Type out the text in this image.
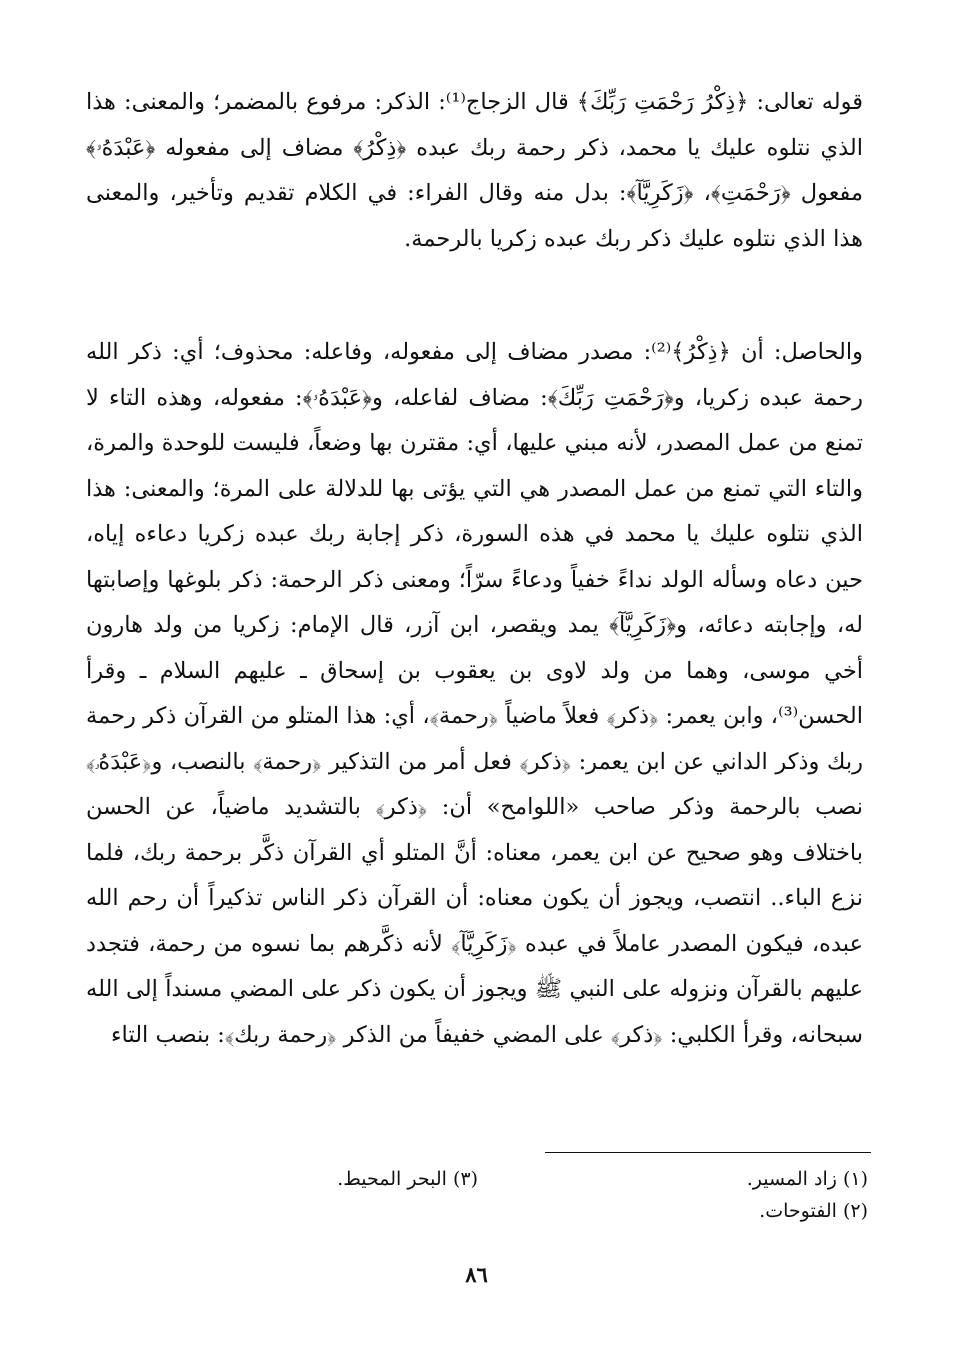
قوله تعالى: ﴿ذِكْرُ رَحْمَتِ رَبِّكَ﴾ قال الزجاج⁽¹⁾: الذكر: مرفوع بالمضمر؛ والمعنى: هذا الذي نتلوه عليك يا محمد، ذكر رحمة ربك عبده ﴿ذِكْرُ﴾ مضاف إلى مفعوله ﴿عَبْدَهُۥ﴾ مفعول ﴿رَحْمَتِ﴾، ﴿زَكَرِيَّآ﴾: بدل منه وقال الفراء: في الكلام تقديم وتأخير، والمعنى هذا الذي نتلوه عليك ذكر ربك عبده زكريا بالرحمة.

والحاصل: أن ﴿ذِكْرُ﴾⁽²⁾: مصدر مضاف إلى مفعوله، وفاعله: محذوف؛ أي: ذكر الله رحمة عبده زكريا، و﴿رَحْمَتِ رَبِّكَ﴾: مضاف لفاعله، و﴿عَبْدَهُۥ﴾: مفعوله، وهذه التاء لا تمنع من عمل المصدر، لأنه مبني عليها، أي: مقترن بها وضعاً، فليست للوحدة والمرة، والتاء التي تمنع من عمل المصدر هي التي يؤتى بها للدلالة على المرة؛ والمعنى: هذا الذي نتلوه عليك يا محمد في هذه السورة، ذكر إجابة ربك عبده زكريا دعاءه إياه، حين دعاه وسأله الولد نداءً خفياً ودعاءً سرّاً؛ ومعنى ذكر الرحمة: ذكر بلوغها وإصابتها له، وإجابته دعائه، و﴿زَكَرِيَّآ﴾ يمد ويقصر، ابن آزر، قال الإمام: زكريا من ولد هارون أخي موسى، وهما من ولد لاوى بن يعقوب بن إسحاق ـ عليهم السلام ـ وقرأ الحسن⁽³⁾، وابن يعمر: ﴿ذكر﴾ فعلاً ماضياً ﴿رحمة﴾، أي: هذا المتلو من القرآن ذكر رحمة ربك وذكر الداني عن ابن يعمر: ﴿ذكر﴾ فعل أمر من التذكير ﴿رحمة﴾ بالنصب، و﴿عَبْدَهُۥ﴾ نصب بالرحمة وذكر صاحب «اللوامح» أن: ﴿ذكر﴾ بالتشديد ماضياً، عن الحسن باختلاف وهو صحيح عن ابن يعمر، معناه: أنَّ المتلو أي القرآن ذكَّر برحمة ربك، فلما نزع الباء.. انتصب، ويجوز أن يكون معناه: أن القرآن ذكر الناس تذكيراً أن رحم الله عبده، فيكون المصدر عاملاً في عبده ﴿زَكَرِيَّآ﴾ لأنه ذكَّرهم بما نسوه من رحمة، فتجدد عليهم بالقرآن ونزوله على النبي ﷺ ويجوز أن يكون ذكر على المضي مسنداً إلى الله سبحانه، وقرأ الكلبي: ﴿ذكر﴾ على المضي خفيفاً من الذكر ﴿رحمة ربك﴾: بنصب التاء

(١) زاد المسير.
(٣) البحر المحيط.
(٢) الفتوحات.
٨٦
